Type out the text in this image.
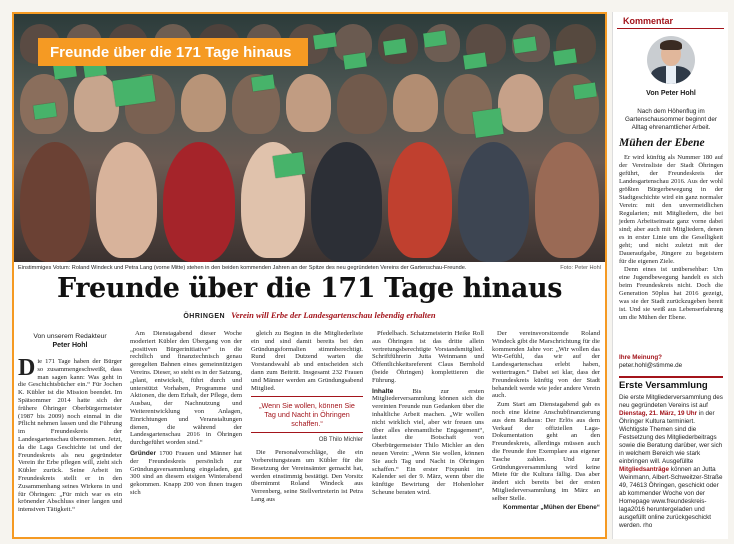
Freunde über die 171 Tage hinaus
Einstimmiges Votum: Roland Windeck und Petra Lang (vorne Mitte) stehen in den beiden kommenden Jahren an der Spitze des neu gegründeten Vereins der Gartenschau-Freunde.	Foto: Peter Hohl
Freunde über die 171 Tage hinaus
ÖHRINGEN Verein will Erbe der Landesgartenschau lebendig erhalten
Von unserem Redakteur
Peter Hohl
D ie 171 Tage haben der Bürger so zusammengeschweißt, dass man sagen kann: Was geht in die Geschichtsbücher ein.“ Für Jochen K. Kübler ist die Mission beendet. Im Spätsommer 2014 hatte sich der frühere Öhringer Oberbürgermeister (1987 bis 2009) noch einmal in die Pflicht nehmen lassen und die Führung im Freundeskreis der Landesgartenschau übernommen. Jetzt, da die Laga Geschichte ist und der Freundeskreis als neu gegründeter Verein ihr Erbe pflegen will, zieht sich Kübler zurück. Seine Arbeit im Freundeskreis stellt er in den Zusammenhang seines Wirkens in und für Öhringen: „Für mich war es ein krönender Abschluss einer langen und intensiven Tätigkeit.“

Am Dienstagabend dieser Woche moderiert Kübler den Übergang von der „positiven Bürgerinitiative“ in die rechtlich und finanztechnisch genau geregelten Bahnen eines gemeinnützigen Vereins. Dieser, so steht es in der Satzung, „plant, entwickelt, führt durch und unterstützt Vorhaben, Programme und Aktionen, die dem Erhalt, der Pflege, dem Ausbau, der Nachnutzung und Weiterentwicklung von Anlagen, Einrichtungen und Veranstaltungen dienen, die während der Landesgartenschau 2016 in Öhringen durchgeführt worden sind.“

Gründer 1700 Frauen und Männer hat der Freundeskreis persönlich zur Gründungsversammlung eingeladen, gut 300 sind an diesem eisigen Winterabend gekommen. Knapp 200 von ihnen tragen sich

gleich zu Beginn in die Mitgliederliste ein und sind damit bereits bei den Gründungsformalien stimmberechtigt. Rund drei Dutzend warten die Vorstandswahl ab und entscheiden sich dann zum Beitritt. Insgesamt 232 Frauen und Männer werden am Gründungsabend Mitglied.

„Wenn Sie wollen, können Sie Tag und Nacht in Öhringen schaffen.“
OB Thilo Michler

Die Personalvorschläge, die ein Vorbereitungsteam um Kübler für die Besetzung der Vereinsämter gemacht hat, werden einstimmig bestätigt. Den Vorsitz übernimmt Roland Windeck aus Verrenberg, seine Stellvertreterin ist Petra Lang aus

Pfedelbach. Schatzmeisterin Heike Roll aus Öhringen ist das dritte allein vertretungsberechtigte Vorstandsmitglied. Schriftführerin Jutta Weinmann und Öffentlichkeitsreferent Claus Bernhold (beide Öhringen) komplettieren die Führung.

Inhalte	Bis zur ersten Mitgliederversammlung können sich die vereinten Freunde nun Gedanken über die inhaltliche Arbeit machen. „Wir wollen nicht wirklich viel, aber wir freuen uns über alles ehrenamtliche Engagement“, lautet die Botschaft von Oberbürgermeister Thilo Michler an den neuen Verein: „Wenn Sie wollen, können Sie auch Tag und Nacht in Öhringen schaffen.“ Ein erster Fixpunkt im Kalender sei der 9. März, wenn über die künftige Bewirtung der Hohenloher Scheune beraten wird.

Der vereinsvorsitzende Roland Windeck gibt die Marschrichtung für die kommenden Jahre vor: „Wir wollen das Wir-Gefühl, das wir auf der Landesgartenschau erlebt haben, weitertragen.“ Dabei sei klar, dass der Freundeskreis künftig von der Stadt behandelt werde wie jeder andere Verein auch.

Zum Start am Dienstagabend gab es noch eine kleine Anschubfinanzierung aus dem Rathaus: Der Erlös aus dem Verkauf der offiziellen Laga-Dokumentation geht an den Freundeskreis, allerdings müssen auch die Freunde ihre Exemplare aus eigener Tasche zahlen. Und zur Gründungsversammlung wird keine Miete für die Kultura fällig. Das aber ändert sich bereits bei der ersten Mitgliederversammlung im März an selber Stelle.

Kommentar „Mühen der Ebene“
Kommentar
Von Peter Hohl
Nach dem Höhenflug im Gartenschausommer beginnt der Alltag ehrenamtlicher Arbeit.
Mühen der Ebene

Er wird künftig als Nummer 180 auf der Vereinsliste der Stadt Öhringen geführt, der Freundeskreis der Landesgartenschau 2016. Aus der wohl größten Bürgerbewegung in der Stadtgeschichte wird ein ganz normaler Verein: mit den unvermeidlichen Regularien; mit Mitgliedern, die bei jedem Arbeitseinsatz ganz vorne dabei sind; aber auch mit Mitgliedern, denen es in erster Linie um die Geselligkeit geht; und nicht zuletzt mit der Daueraufgabe, Jüngere zu begeistern für die eigenen Ziele.

Denn eines ist unübersehbar: Um eine Jugendbewegung handelt es sich beim Freundeskreis nicht. Doch die Generation 50plus hat 2016 gezeigt, was sie der Stadt zurückzugeben bereit ist. Und sie weiß aus Lebenserfahrung um die Mühen der Ebene.

Ihre Meinung?
peter.hohl@stimme.de
Erste Versammlung
Die erste Mitgliederversammlung des neu gegründeten Vereins ist auf Dienstag, 21. März, 19 Uhr in der Öhringer Kultura terminiert. Wichtigste Themen sind die Festsetzung des Mitgliederbeitrags sowie die Beratung darüber, wer sich in welchem Bereich wie stark einbringen will. Ausgefüllte Mitgliedsanträge können an Jutta Weinmann, Albert-Schweitzer-Straße 49, 74613 Öhringen, geschickt oder ab kommender Woche von der Homepage www.freundeskreis-laga2016 heruntergeladen und ausgefüllt online zurückgeschickt werden. rho
